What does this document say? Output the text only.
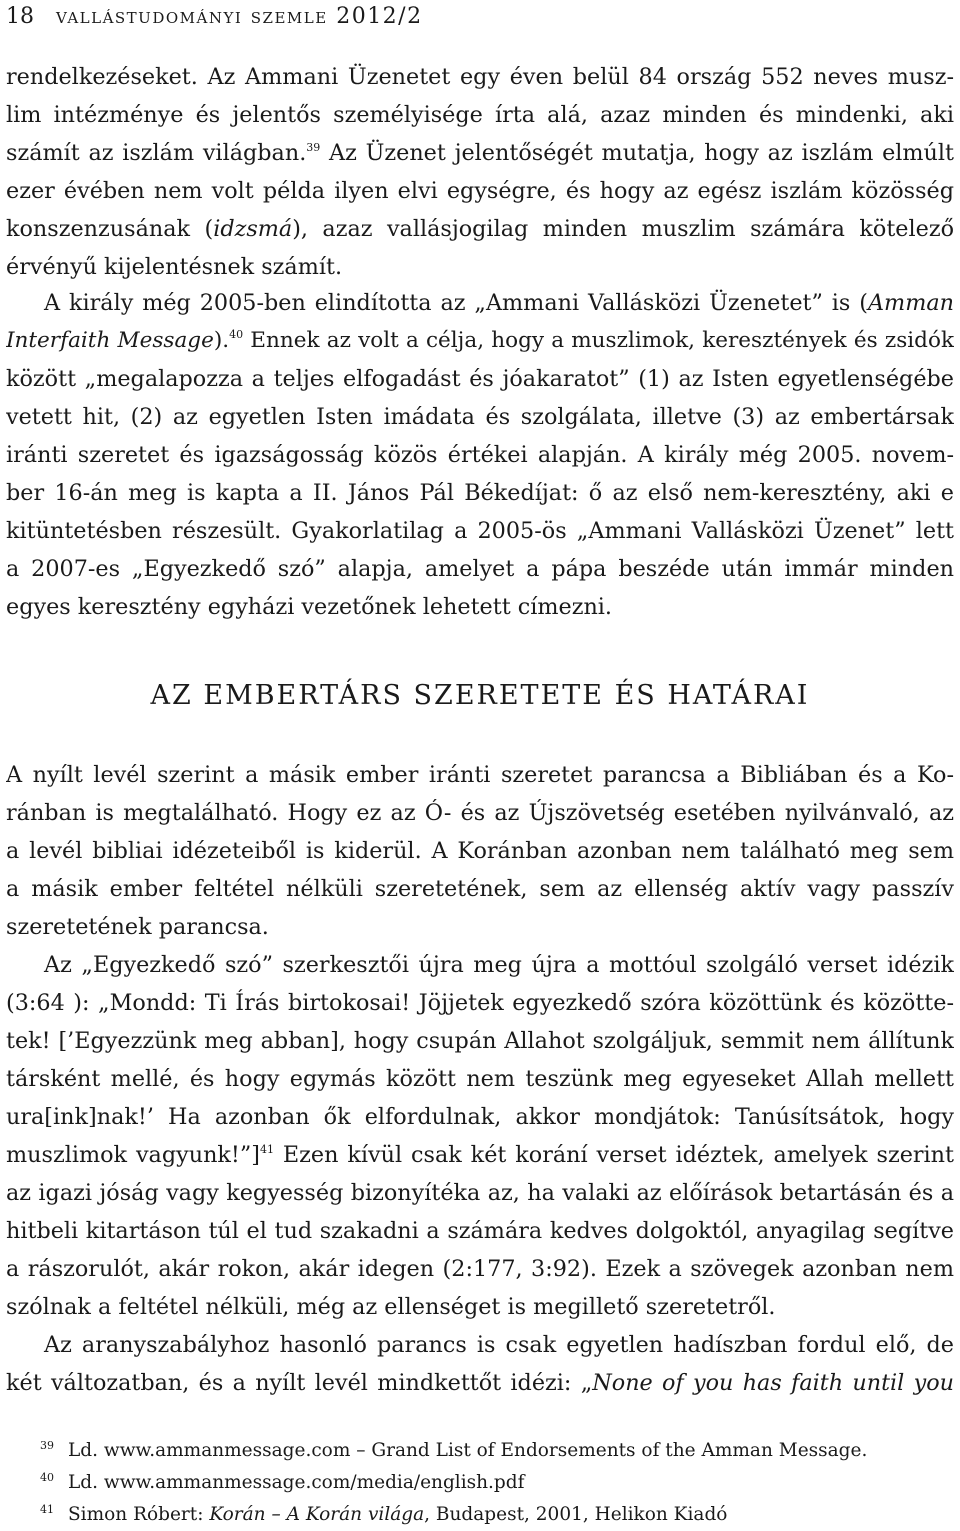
18 vallástudományi szemle 2012/2
rendelkezéseket. Az Ammani Üzenetet egy éven belül 84 ország 552 neves musz-
lim intézménye és jelentős személyisége írta alá, azaz minden és mindenki, aki
számít az iszlám világban.$^{39}$ Az Üzenet jelentőségét mutatja, hogy az iszlám elmúlt
ezer évében nem volt példa ilyen elvi egységre, és hogy az egész iszlám közösség
konszenzusának (idzsmá), azaz vallásjogilag minden muszlim számára kötelező
érvényű kijelentésnek számít.
A király még 2005-ben elindította az „Ammani Vallásközi Üzenetet” is (Amman
Interfaith Message).$^{40}$ Ennek az volt a célja, hogy a muszlimok, keresztények és zsidók
között „megalapozza a teljes elfogadást és jóakaratot” (1) az Isten egyetlenségébe
vetett hit, (2) az egyetlen Isten imádata és szolgálata, illetve (3) az embertársak
iránti szeretet és igazságosság közös értékei alapján. A király még 2005. novem-
ber 16-án meg is kapta a II. János Pál Békedíjat: ő az első nem-keresztény, aki e
kitüntetésben részesült. Gyakorlatilag a 2005-ös „Ammani Vallásközi Üzenet” lett
a 2007-es „Egyezkedő szó” alapja, amelyet a pápa beszéde után immár minden
egyes keresztény egyházi vezetőnek lehetett címezni.
AZ EMBERTÁRS SZERETETE ÉS HATÁRAI
A nyílt levél szerint a másik ember iránti szeretet parancsa a Bibliában és a Ko-
ránban is megtalálható. Hogy ez az Ó- és az Újszövetség esetében nyilvánvaló, az
a levél bibliai idézeteiből is kiderül. A Koránban azonban nem található meg sem
a másik ember feltétel nélküli szeretetének, sem az ellenség aktív vagy passzív
szeretetének parancsa.
Az „Egyezkedő szó” szerkesztői újra meg újra a mottóul szolgáló verset idézik
(3:64 ): „Mondd: Ti Írás birtokosai! Jöjjetek egyezkedő szóra közöttünk és közötte-
tek! [’Egyezzünk meg abban], hogy csupán Allahot szolgáljuk, semmit nem állítunk
társként mellé, és hogy egymás között nem teszünk meg egyeseket Allah mellett
ura[ink]nak!’ Ha azonban ők elfordulnak, akkor mondjátok: Tanúsítsátok, hogy
muszlimok vagyunk!”]$^{41}$ Ezen kívül csak két korání verset idéztek, amelyek szerint
az igazi jóság vagy kegyesség bizonyítéka az, ha valaki az előírások betartásán és a
hitbeli kitartáson túl el tud szakadni a számára kedves dolgoktól, anyagilag segítve
a rászorulót, akár rokon, akár idegen (2:177, 3:92). Ezek a szövegek azonban nem
szólnak a feltétel nélküli, még az ellenséget is megillető szeretetről.
Az aranyszabályhoz hasonló parancs is csak egyetlen hadíszban fordul elő, de
két változatban, és a nyílt levél mindkettőt idézi: „None of you has faith until you
39 Ld. www.ammanmessage.com – Grand List of Endorsements of the Amman Message.
40 Ld. www.ammanmessage.com/media/english.pdf
41 Simon Róbert: Korán – A Korán világa, Budapest, 2001, Helikon Kiadó
